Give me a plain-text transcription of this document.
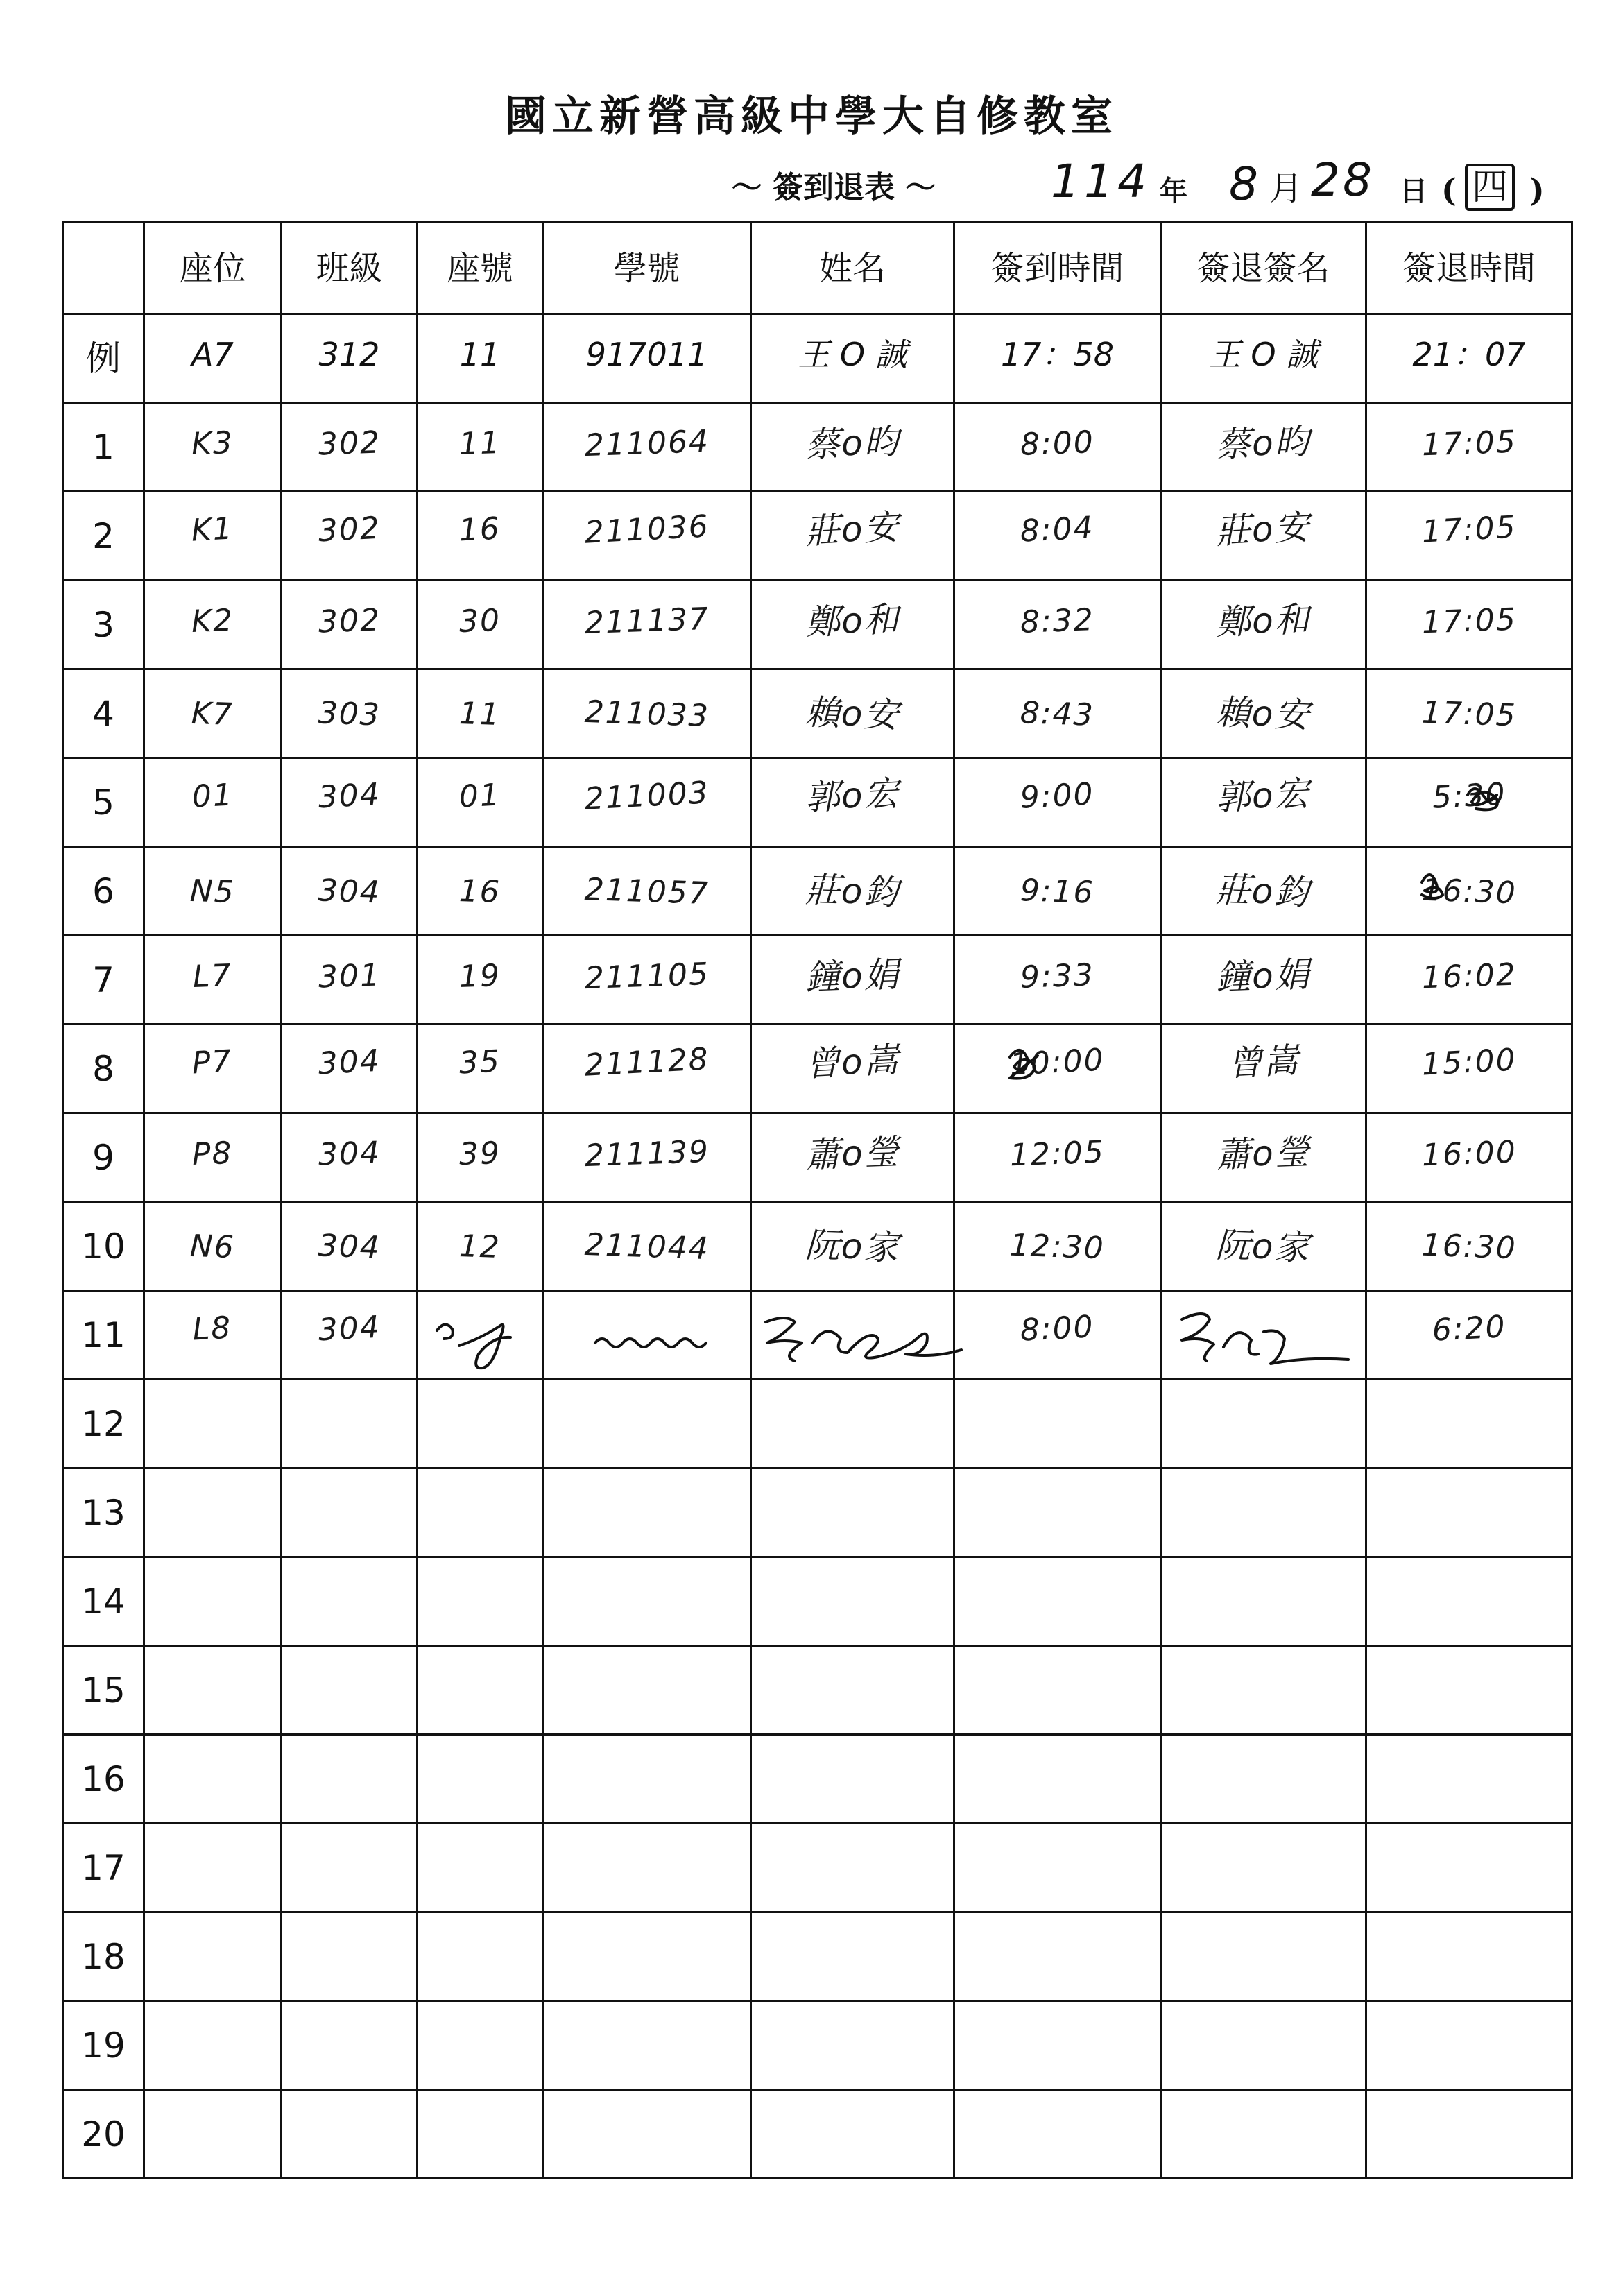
國立新營高級中學大自修教室
～ 簽到退表 ～	114 年 8 月 28 日 ( 四 )
	座位	班級	座號	學號	姓名	簽到時間	簽退簽名	簽退時間
例	A7	312	11	917011	王 O 誠	17：58	王 O 誠	21：07
1	K3	302	11	211064	蔡o昀	8:00	蔡o昀	17:05
2	K1	302	16	211036	莊o安	8:04	莊o安	17:05
3	K2	302	30	211137	鄭o和	8:32	鄭o和	17:05
4	K7	303	11	211033	賴o安	8:43	賴o安	17:05
5	01	304	01	211003	郭o宏	9:00	郭o宏	5:30
6	N5	304	16	211057	莊o鈞	9:16	莊o鈞	16:30
7	L7	301	19	211105	鐘o娟	9:33	鐘o娟	16:02
8	P7	304	35	211128	曾o嵩	10:00	曾嵩	15:00
9	P8	304	39	211139	蕭o瑩	12:05	蕭o瑩	16:00
10	N6	304	12	211044	阮o家	12:30	阮o家	16:30
11	L8	304				8:00		6:20
12								
13								
14								
15								
16								
17								
18								
19								
20								
